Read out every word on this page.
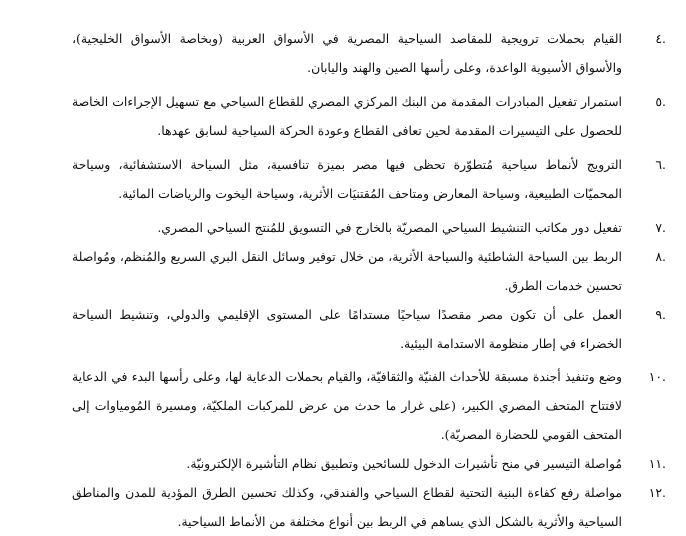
٤.
القيام بحملات ترويجية للمقاصد السياحية المصرية في الأسواق العربية (وبخاصة الأسواق الخليجية)، والأسواق الأسيوية الواعدة، وعلى رأسها الصين والهند واليابان.
٥.
استمرار تفعيل المبادرات المقدمة من البنك المركزي المصري للقطاع السياحي مع تسهيل الإجراءات الخاصة للحصول على التيسيرات المقدمة لحين تعافى القطاع وعودة الحركة السياحية لسابق عهدها.
٦.
الترويج لأنماط سياحية مُتطوّرة تحظى فيها مصر بميزة تنافسية، مثل السياحة الاستشفائية، وسياحة المحميّات الطبيعية، وسياحة المعارض ومتاحف المُقتنيَات الأثرية، وسياحة اليخوت والرياضات المائية.
٧.
تفعيل دور مكاتب التنشيط السياحي المصريّة بالخارج في التسويق للمُنتج السياحي المصري.
٨.
الربط بين السياحة الشاطئية والسياحة الأثرية، من خلال توفير وسائل النقل البري السريع والمُنظم، ومُواصلة تحسين خدمات الطرق.
٩.
العمل على أن تكون مصر مقصدًا سياحيًا مستدامًا على المستوى الإقليمي والدولي، وتنشيط السياحة الخضراء في إطار منظومة الاستدامة البيئية.
١٠.
وضع وتنفيذ أجندة مسبقة للأحداث الفنيّة والثقافيّة، والقيام بحملات الدعاية لها، وعلى رأسها البدء في الدعاية لافتتاح المتحف المصري الكبير، (على غرار ما حدث من عرض للمركبات الملكيّة، ومسيرة المُومياوات إلى المتحف القومي للحضارة المصريّة).
١١.
مُواصلة التيسير في منح تأشيرات الدخول للسائحين وتطبيق نظام التأشيرة الإلكترونيّة.
١٢.
مواصلة رفع كفاءة البنية التحتية لقطاع السياحي والفندقي، وكذلك تحسين الطرق المؤدية للمدن والمناطق السياحية والأثرية بالشكل الذي يساهم في الربط بين أنواع مختلفة من الأنماط السياحية.
